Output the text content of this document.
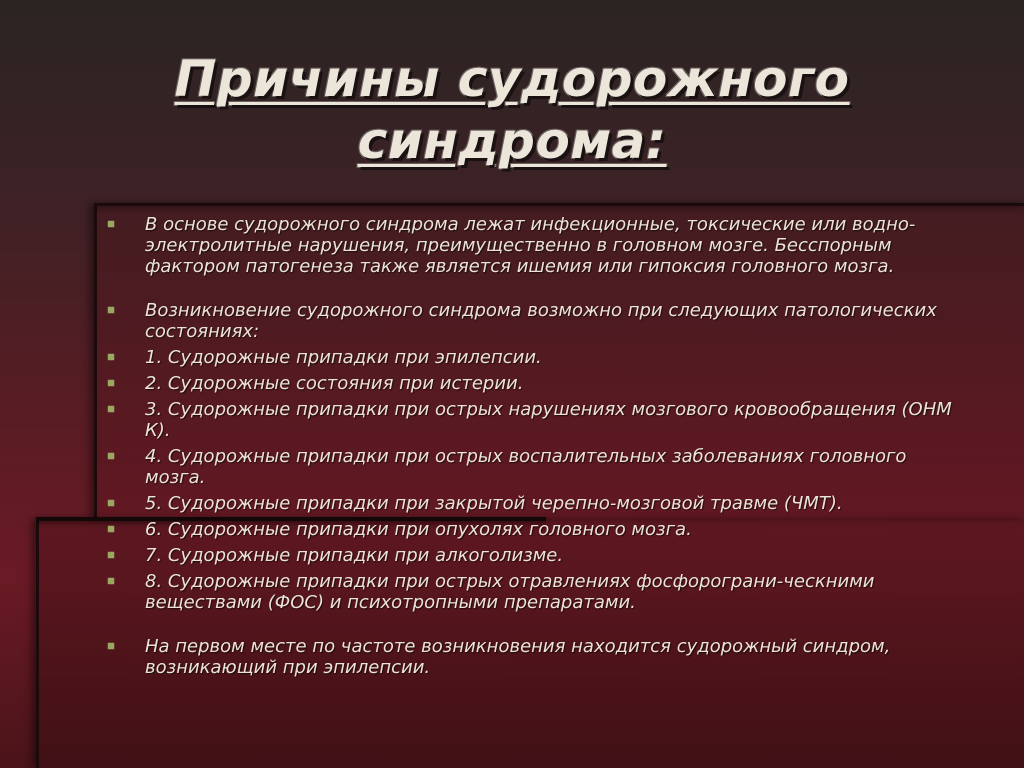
Причины судорожного
синдрома:
В основе судорожного синдрома лежат инфекционные, токсические или водно-электролитные нарушения, преимущественно в головном мозге. Бесспорным фактором патогенеза также является ишемия или гипоксия головного мозга.
Возникновение судорожного синдрома возможно при следующих патологических состояниях:
1. Судорожные припадки при эпилепсии.
2. Судорожные состояния при истерии.
3. Судорожные припадки при острых нарушениях мозгового кровообращения (ОНМ К).
4. Судорожные припадки при острых воспалительных заболеваниях головного мозга.
5. Судорожные припадки при закрытой черепно-мозговой травме (ЧМТ).
6. Судорожные припадки при опухолях головного мозга.
7. Судорожные припадки при алкоголизме.
8. Судорожные припадки при острых отравлениях фосфорограни-ческними веществами (ФОС) и психотропными препаратами.
На первом месте по частоте возникновения находится судорожный синдром, возникающий при эпилепсии.
